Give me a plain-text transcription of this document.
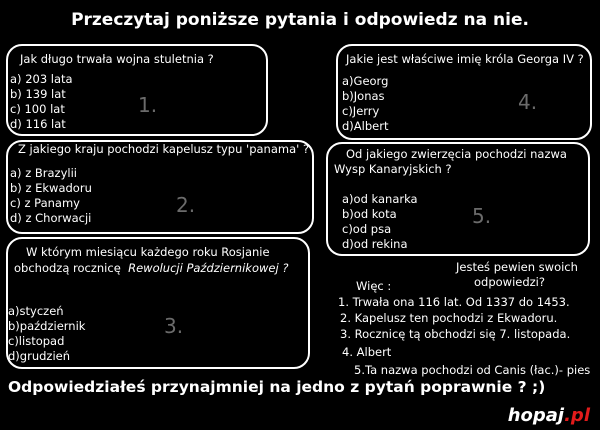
Przeczytaj poniższe pytania i odpowiedz na nie.
Jak długo trwała wojna stuletnia ?
a) 203 lata
b) 139 lat
c) 100 lat
d) 116 lat
1.
Z jakiego kraju pochodzi kapelusz typu 'panama' ?
a) z Brazylii
b) z Ekwadoru
c) z Panamy
d) z Chorwacji
2.
W którym miesiącu każdego roku Rosjanie
obchodzą rocznicę Rewolucji Październikowej ?
a)styczeń
b)październik
c)listopad
d)grudzień
3.
Jakie jest właściwe imię króla Georga IV ?
a)Georg
b)Jonas
c)Jerry
d)Albert
4.
Od jakiego zwierzęcia pochodzi nazwa
Wysp Kanaryjskich ?
a)od kanarka
b)od kota
c)od psa
d)od rekina
5.
Jesteś pewien swoich
odpowiedzi?
Więc :
1. Trwała ona 116 lat. Od 1337 do 1453.
2. Kapelusz ten pochodzi z Ekwadoru.
3. Rocznicę tą obchodzi się 7. listopada.
4. Albert
5.Ta nazwa pochodzi od Canis (łac.)- pies
Odpowiedziałeś przynajmniej na jedno z pytań poprawnie ? ;)
hopaj.pl
